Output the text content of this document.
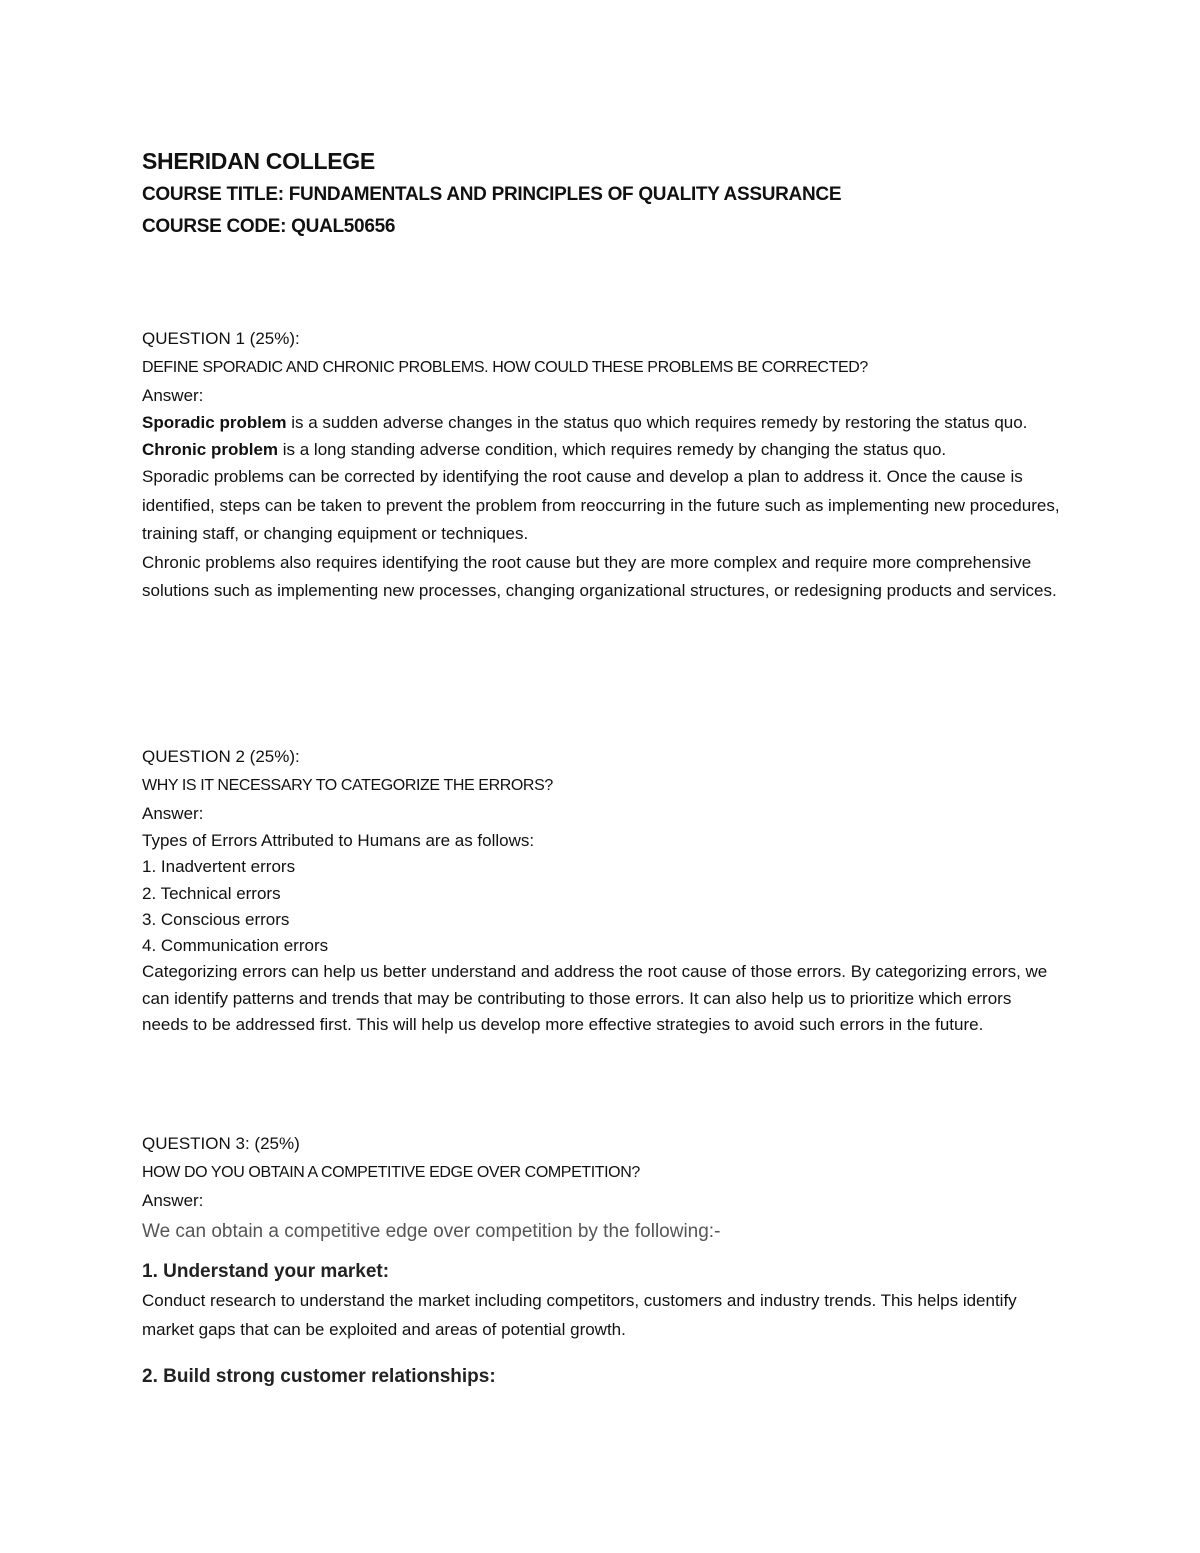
SHERIDAN COLLEGE

COURSE TITLE: FUNDAMENTALS AND PRINCIPLES OF QUALITY ASSURANCE

COURSE CODE: QUAL50656

QUESTION 1 (25%):

DEFINE SPORADIC AND CHRONIC PROBLEMS. HOW COULD THESE PROBLEMS BE CORRECTED?

Answer:

Sporadic problem is a sudden adverse changes in the status quo which requires remedy by restoring the status quo.

Chronic problem is a long standing adverse condition, which requires remedy by changing the status quo.

Sporadic problems can be corrected by identifying the root cause and develop a plan to address it. Once the cause is identified, steps can be taken to prevent the problem from reoccurring in the future such as implementing new procedures, training staff, or changing equipment or techniques.

Chronic problems also requires identifying the root cause but they are more complex and require more comprehensive solutions such as implementing new processes, changing organizational structures, or redesigning products and services.

QUESTION 2 (25%):

WHY IS IT NECESSARY TO CATEGORIZE THE ERRORS?

Answer:

Types of Errors Attributed to Humans are as follows:

1. Inadvertent errors

2. Technical errors

3. Conscious errors

4. Communication errors

Categorizing errors can help us better understand and address the root cause of those errors. By categorizing errors, we can identify patterns and trends that may be contributing to those errors. It can also help us to prioritize which errors needs to be addressed first. This will help us develop more effective strategies to avoid such errors in the future.

QUESTION 3: (25%)

HOW DO YOU OBTAIN A COMPETITIVE EDGE OVER COMPETITION?

Answer:

We can obtain a competitive edge over competition by the following:-

1. Understand your market:

Conduct research to understand the market including competitors, customers and industry trends. This helps identify market gaps that can be exploited and areas of potential growth.

2. Build strong customer relationships:
